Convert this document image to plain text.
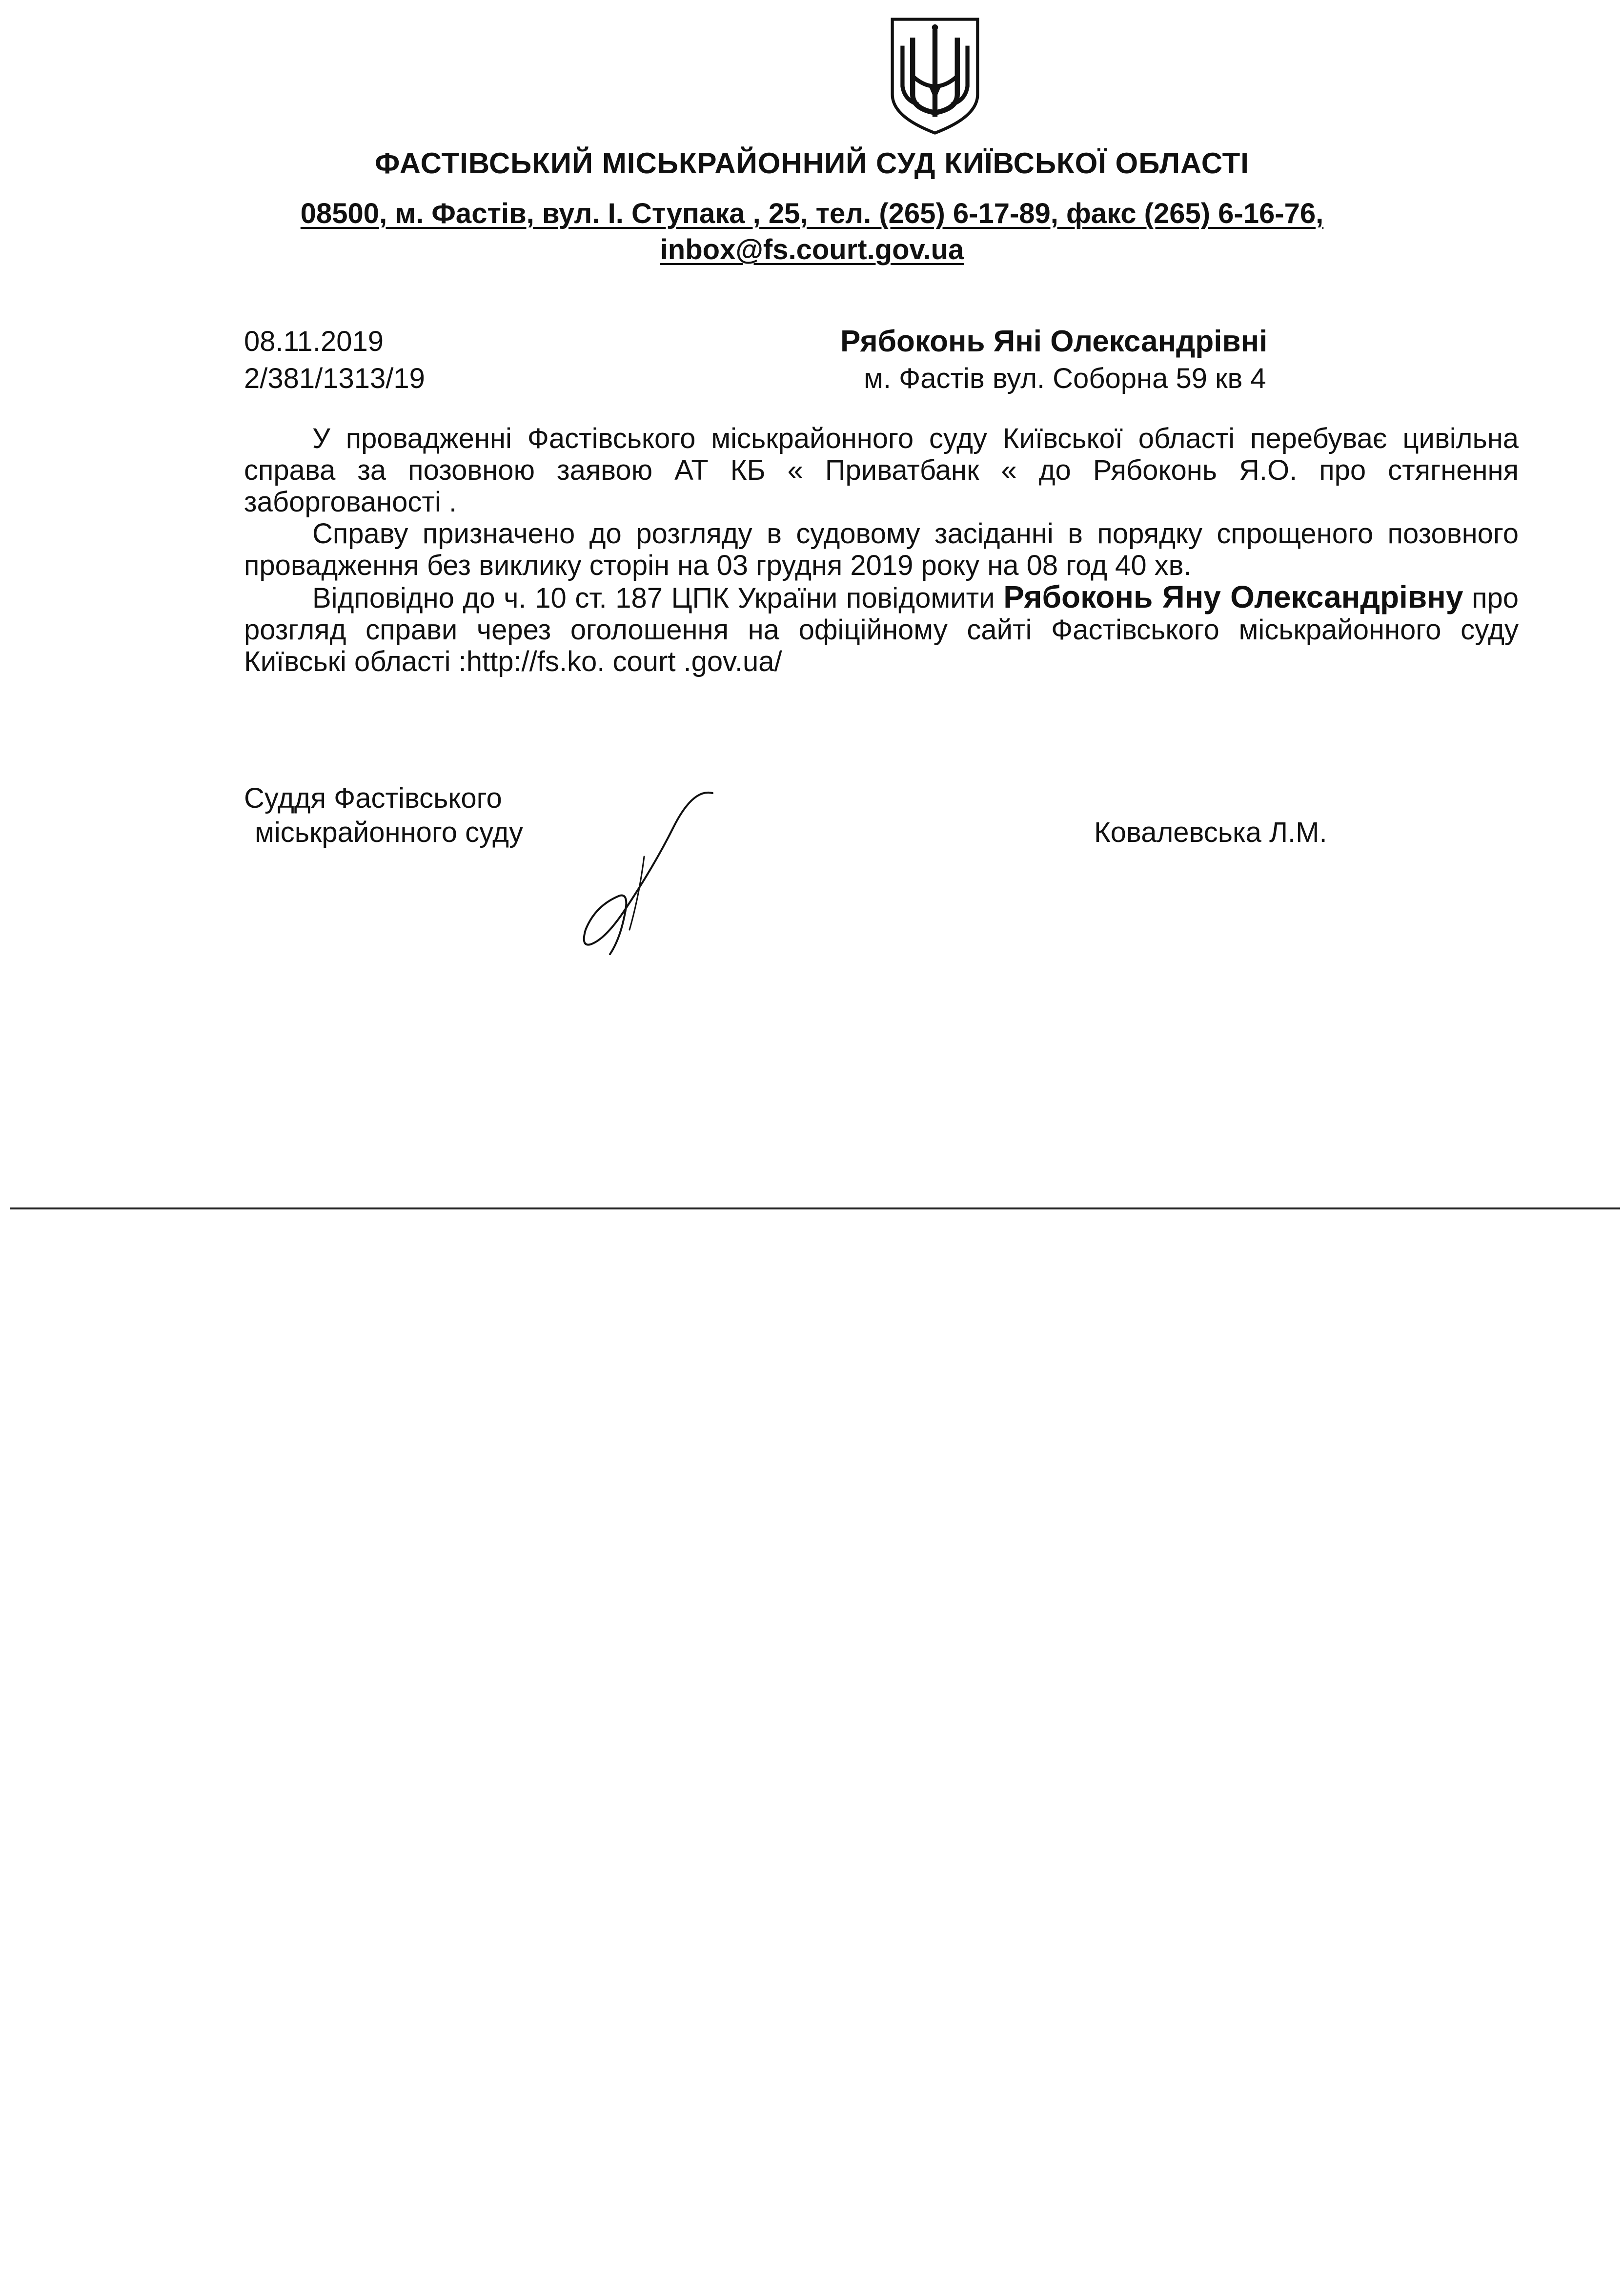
ФАСТІВСЬКИЙ МІСЬКРАЙОННИЙ СУД КИЇВСЬКОЇ ОБЛАСТІ
08500, м. Фастів, вул. І. Ступака , 25, тел. (265) 6-17-89, факс (265) 6-16-76,
inbox@fs.court.gov.ua
08.11.2019
2/381/1313/19
Рябоконь Яні Олександрівні
м. Фастів вул. Соборна 59 кв 4

У провадженні Фастівського міськрайонного суду Київської області перебуває цивільна справа за позовною заявою АТ КБ « Приватбанк « до Рябоконь Я.О. про стягнення заборгованості .

Справу призначено до розгляду в судовому засіданні в порядку спрощеного позовного провадження без виклику сторін на 03 грудня 2019 року на 08 год 40 хв.

Відповідно до ч. 10 ст. 187 ЦПК України повідомити Рябоконь Яну Олександрівну про розгляд справи через оголошення на офіційному сайті Фастівського міськрайонного суду Київські області :http://fs.ko. court .gov.ua/

Суддя Фастівського
міськрайонного суду	Ковалевська Л.М.
